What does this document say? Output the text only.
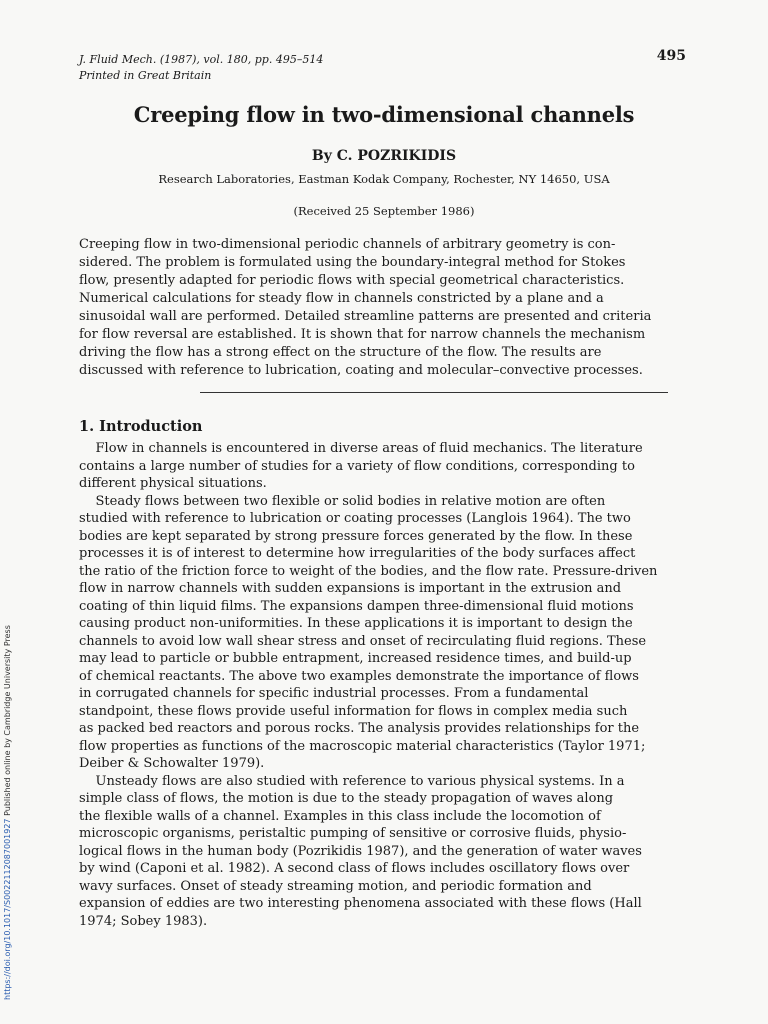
J. Fluid Mech. (1987), vol. 180, pp. 495–514
Printed in Great Britain
495
Creeping flow in two-dimensional channels
By C. POZRIKIDIS
Research Laboratories, Eastman Kodak Company, Rochester, NY 14650, USA
(Received 25 September 1986)
Creeping flow in two-dimensional periodic channels of arbitrary geometry is con-
sidered. The problem is formulated using the boundary-integral method for Stokes
flow, presently adapted for periodic flows with special geometrical characteristics.
Numerical calculations for steady flow in channels constricted by a plane and a
sinusoidal wall are performed. Detailed streamline patterns are presented and criteria
for flow reversal are established. It is shown that for narrow channels the mechanism
driving the flow has a strong effect on the structure of the flow. The results are
discussed with reference to lubrication, coating and molecular–convective processes.
1. Introduction
Flow in channels is encountered in diverse areas of fluid mechanics. The literature
contains a large number of studies for a variety of flow conditions, corresponding to
different physical situations.
Steady flows between two flexible or solid bodies in relative motion are often
studied with reference to lubrication or coating processes (Langlois 1964). The two
bodies are kept separated by strong pressure forces generated by the flow. In these
processes it is of interest to determine how irregularities of the body surfaces affect
the ratio of the friction force to weight of the bodies, and the flow rate. Pressure-driven
flow in narrow channels with sudden expansions is important in the extrusion and
coating of thin liquid films. The expansions dampen three-dimensional fluid motions
causing product non-uniformities. In these applications it is important to design the
channels to avoid low wall shear stress and onset of recirculating fluid regions. These
may lead to particle or bubble entrapment, increased residence times, and build-up
of chemical reactants. The above two examples demonstrate the importance of flows
in corrugated channels for specific industrial processes. From a fundamental
standpoint, these flows provide useful information for flows in complex media such
as packed bed reactors and porous rocks. The analysis provides relationships for the
flow properties as functions of the macroscopic material characteristics (Taylor 1971;
Deiber & Schowalter 1979).
Unsteady flows are also studied with reference to various physical systems. In a
simple class of flows, the motion is due to the steady propagation of waves along
the flexible walls of a channel. Examples in this class include the locomotion of
microscopic organisms, peristaltic pumping of sensitive or corrosive fluids, physio-
logical flows in the human body (Pozrikidis 1987), and the generation of water waves
by wind (Caponi et al. 1982). A second class of flows includes oscillatory flows over
wavy surfaces. Onset of steady streaming motion, and periodic formation and
expansion of eddies are two interesting phenomena associated with these flows (Hall
1974; Sobey 1983).
https://doi.org/10.1017/S0022112087001927 Published online by Cambridge University Press
